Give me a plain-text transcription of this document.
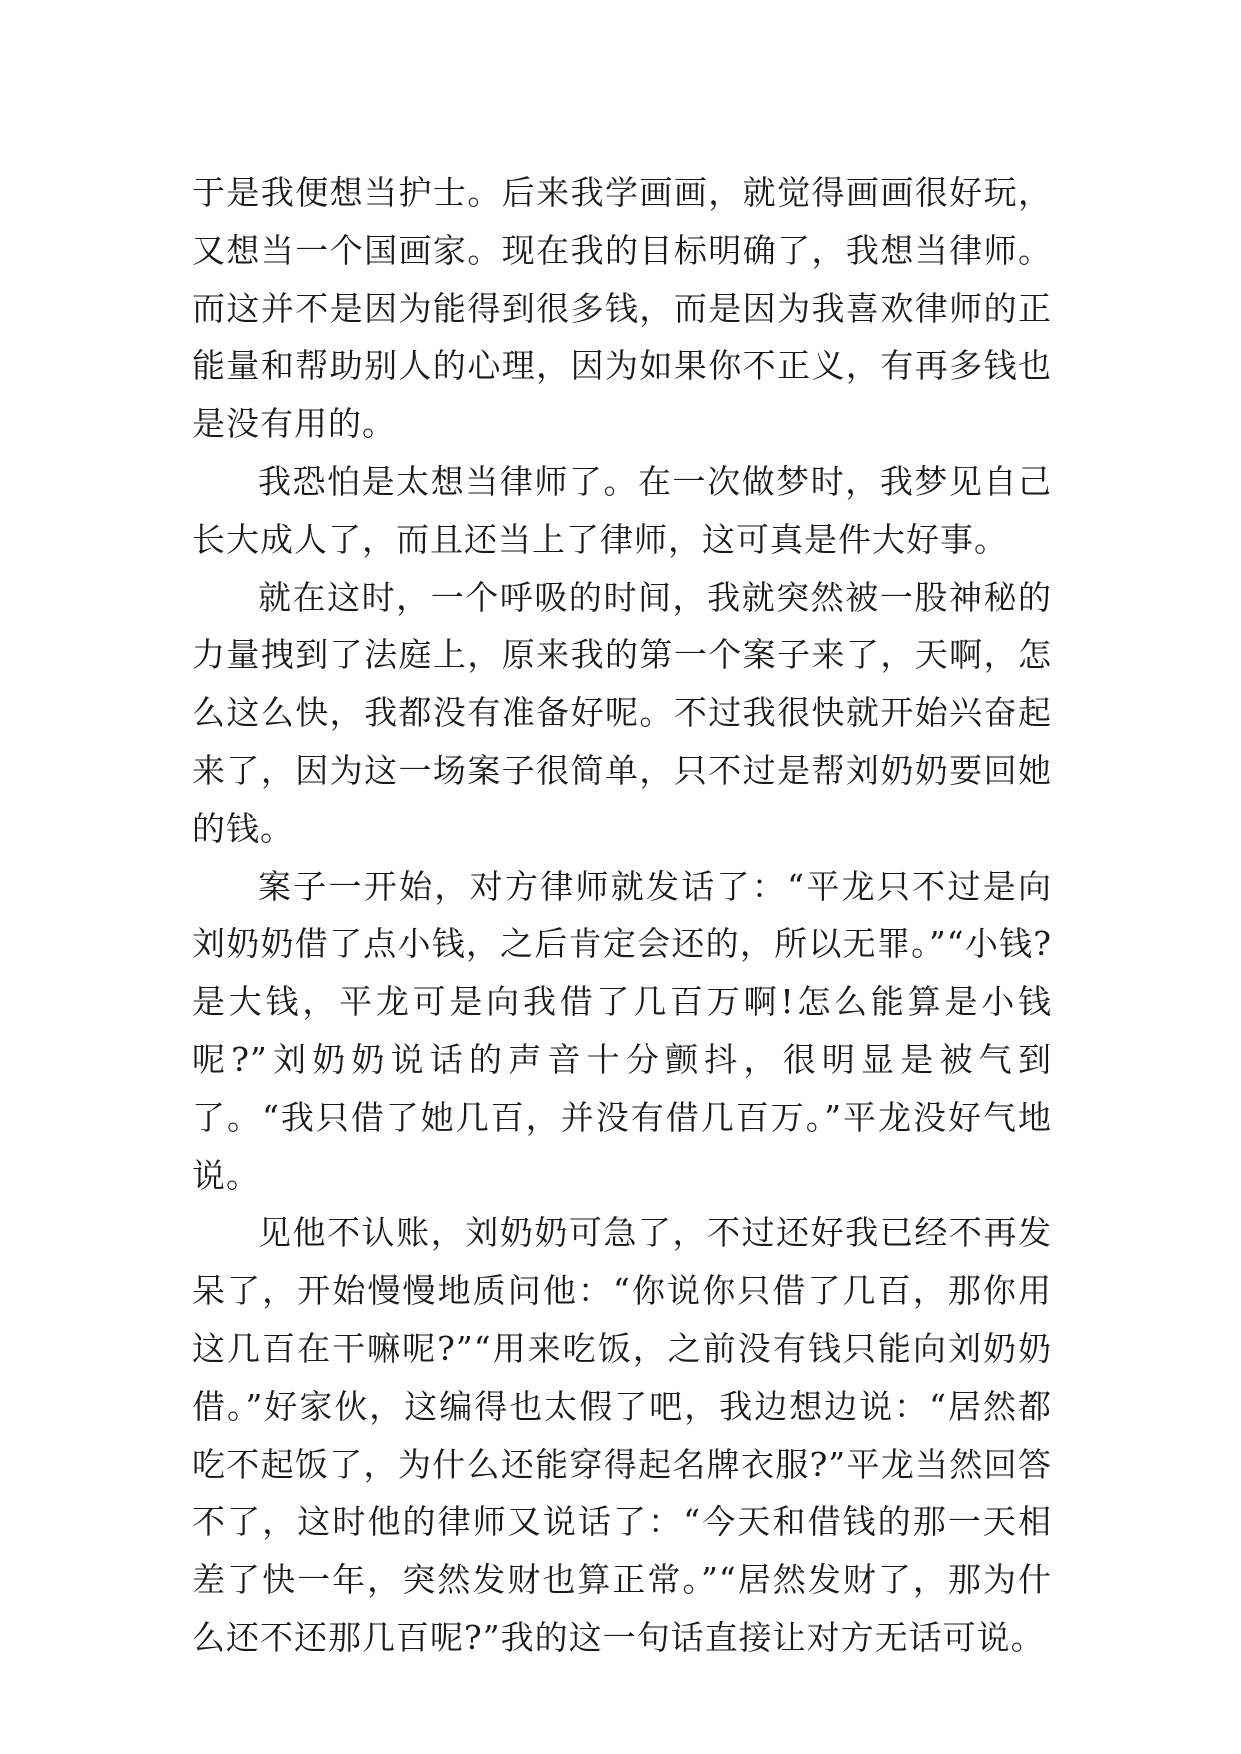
于是我便想当护士。后来我学画画，就觉得画画很好玩，又想当一个国画家。现在我的目标明确了，我想当律师。而这并不是因为能得到很多钱，而是因为我喜欢律师的正能量和帮助别人的心理，因为如果你不正义，有再多钱也是没有用的。

我恐怕是太想当律师了。在一次做梦时，我梦见自己长大成人了，而且还当上了律师，这可真是件大好事。

就在这时，一个呼吸的时间，我就突然被一股神秘的力量拽到了法庭上，原来我的第一个案子来了，天啊，怎么这么快，我都没有准备好呢。不过我很快就开始兴奋起来了，因为这一场案子很简单，只不过是帮刘奶奶要回她的钱。

案子一开始，对方律师就发话了：“平龙只不过是向刘奶奶借了点小钱，之后肯定会还的，所以无罪。”“小钱?是大钱，平龙可是向我借了几百万啊!怎么能算是小钱呢?”刘奶奶说话的声音十分颤抖，很明显是被气到了。“我只借了她几百，并没有借几百万。”平龙没好气地说。

见他不认账，刘奶奶可急了，不过还好我已经不再发呆了，开始慢慢地质问他：“你说你只借了几百，那你用这几百在干嘛呢?”“用来吃饭，之前没有钱只能向刘奶奶借。”好家伙，这编得也太假了吧，我边想边说：“居然都吃不起饭了，为什么还能穿得起名牌衣服?”平龙当然回答不了，这时他的律师又说话了：“今天和借钱的那一天相差了快一年，突然发财也算正常。”“居然发财了，那为什么还不还那几百呢?”我的这一句话直接让对方无话可说。
